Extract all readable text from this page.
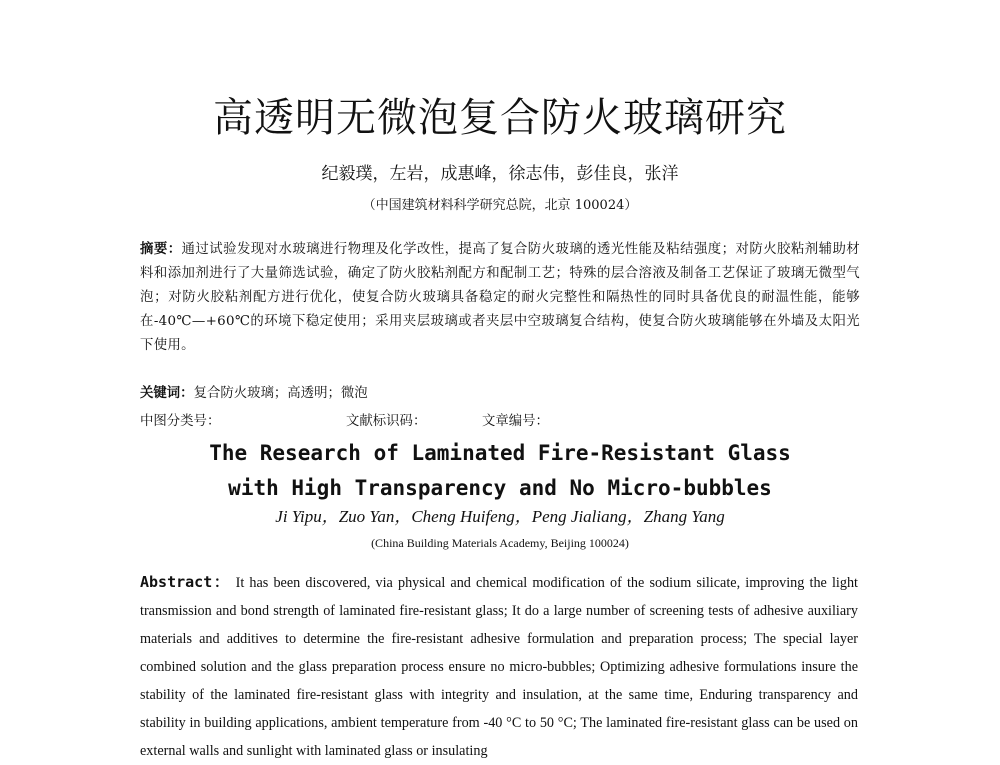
高透明无微泡复合防火玻璃研究

纪毅璞，左岩，成惠峰，徐志伟，彭佳良，张洋

（中国建筑材料科学研究总院，北京 100024）

摘要：通过试验发现对水玻璃进行物理及化学改性，提高了复合防火玻璃的透光性能及粘结强度；对防火胶粘剂辅助材料和添加剂进行了大量筛选试验，确定了防火胶粘剂配方和配制工艺；特殊的层合溶液及制备工艺保证了玻璃无微型气泡；对防火胶粘剂配方进行优化，使复合防火玻璃具备稳定的耐火完整性和隔热性的同时具备优良的耐温性能，能够在-40℃—+60℃的环境下稳定使用；采用夹层玻璃或者夹层中空玻璃复合结构，使复合防火玻璃能够在外墙及太阳光下使用。

关键词：复合防火玻璃；高透明；微泡

中图分类号：	文献标识码：	文章编号：
The Research of Laminated Fire-Resistant Glass
with High Transparency and No Micro-bubbles

Ji Yipu，Zuo Yan，Cheng Huifeng，Peng Jialiang，Zhang Yang

(China Building Materials Academy, Beijing 100024)

Abstract： It has been discovered, via physical and chemical modification of the sodium silicate, improving the light transmission and bond strength of laminated fire-resistant glass; It do a large number of screening tests of adhesive auxiliary materials and additives to determine the fire-resistant adhesive formulation and preparation process; The special layer combined solution and the glass preparation process ensure no micro-bubbles; Optimizing adhesive formulations insure the stability of the laminated fire-resistant glass with integrity and insulation, at the same time, Enduring transparency and stability in building applications, ambient temperature from -40 °C to 50 °C; The laminated fire-resistant glass can be used on external walls and sunlight with laminated glass or insulating
